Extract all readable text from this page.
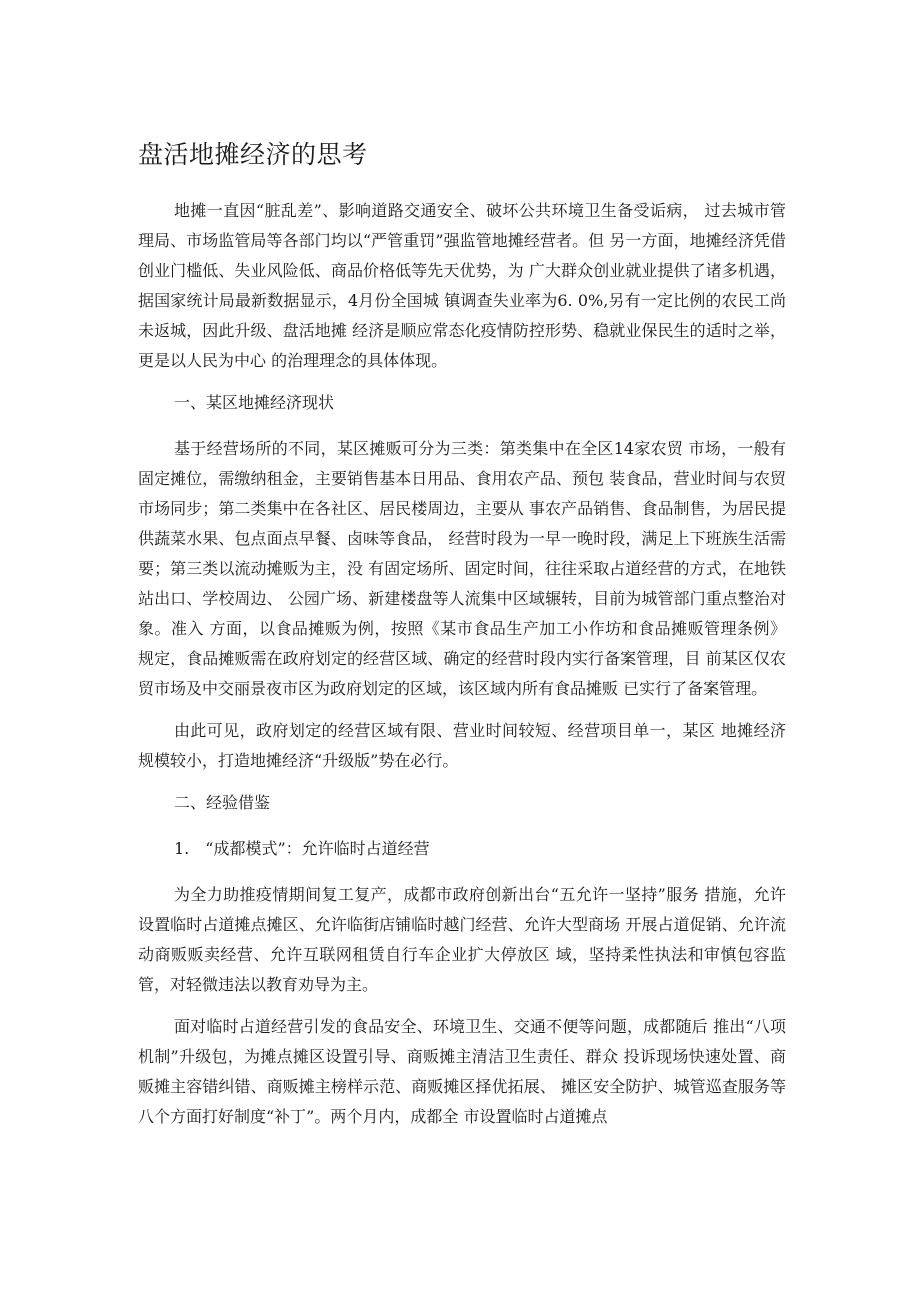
盘活地摊经济的思考

地摊一直因“脏乱差”、影响道路交通安全、破坏公共环境卫生备受诟病， 过去城市管理局、市场监管局等各部门均以“严管重罚”强监管地摊经营者。但 另一方面，地摊经济凭借创业门槛低、失业风险低、商品价格低等先天优势，为 广大群众创业就业提供了诸多机遇，据国家统计局最新数据显示，4月份全国城 镇调查失业率为6. 0%,另有一定比例的农民工尚未返城，因此升级、盘活地摊 经济是顺应常态化疫情防控形势、稳就业保民生的适时之举，更是以人民为中心 的治理理念的具体体现。

一、某区地摊经济现状

基于经营场所的不同，某区摊贩可分为三类：第类集中在全区14家农贸 市场，一般有固定摊位，需缴纳租金，主要销售基本日用品、食用农产品、预包 装食品，营业时间与农贸市场同步；第二类集中在各社区、居民楼周边，主要从 事农产品销售、食品制售，为居民提供蔬菜水果、包点面点早餐、卤味等食品， 经营时段为一早一晚时段，满足上下班族生活需要；第三类以流动摊贩为主，没 有固定场所、固定时间，往往采取占道经营的方式，在地铁站出口、学校周边、 公园广场、新建楼盘等人流集中区域辗转，目前为城管部门重点整治对象。准入 方面，以食品摊贩为例，按照《某市食品生产加工小作坊和食品摊贩管理条例》 规定，食品摊贩需在政府划定的经营区域、确定的经营时段内实行备案管理，目 前某区仅农贸市场及中交丽景夜市区为政府划定的区域，该区域内所有食品摊贩 已实行了备案管理。

由此可见，政府划定的经营区域有限、营业时间较短、经营项目单一，某区 地摊经济规模较小，打造地摊经济“升级版”势在必行。

二、经验借鉴

1.　“成都模式”：允许临时占道经营

为全力助推疫情期间复工复产，成都市政府创新出台“五允许一坚持”服务 措施，允许设置临时占道摊点摊区、允许临街店铺临时越门经营、允许大型商场 开展占道促销、允许流动商贩贩卖经营、允许互联网租赁自行车企业扩大停放区 域，坚持柔性执法和审慎包容监管，对轻微违法以教育劝导为主。

面对临时占道经营引发的食品安全、环境卫生、交通不便等问题，成都随后 推出“八项机制”升级包，为摊点摊区设置引导、商贩摊主清洁卫生责任、群众 投诉现场快速处置、商贩摊主容错纠错、商贩摊主榜样示范、商贩摊区择优拓展、 摊区安全防护、城管巡查服务等八个方面打好制度“补丁”。两个月内，成都全 市设置临时占道摊点
